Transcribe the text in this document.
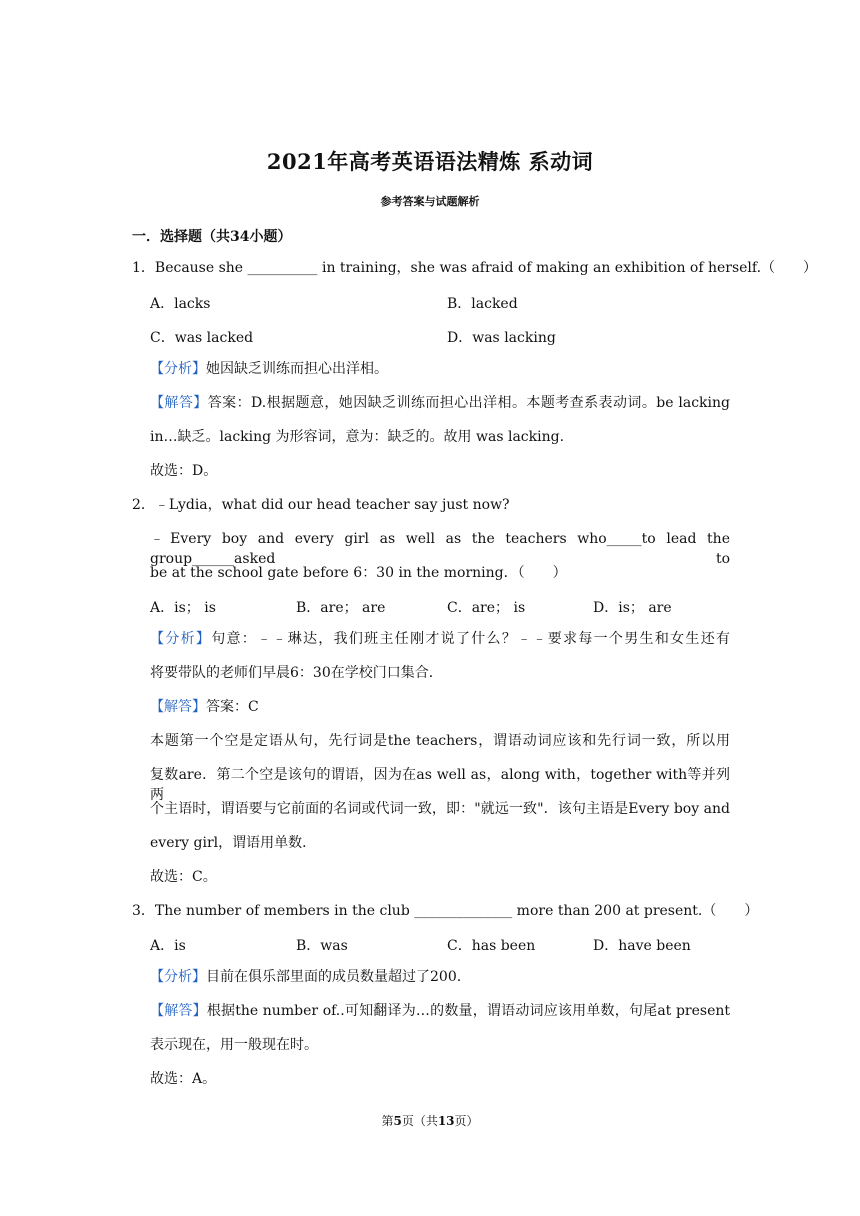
2021年高考英语语法精炼 系动词
参考答案与试题解析
一．选择题（共34小题）
1．Because she __________ in training，she was afraid of making an exhibition of herself.（　　）
A．lacks	B．lacked
C．was lacked	D．was lacking
【分析】她因缺乏训练而担心出洋相。
【解答】答案：D.根据题意，她因缺乏训练而担心出洋相。本题考查系表动词。be lacking
in…缺乏。lacking 为形容词，意为：缺乏的。故用 was lacking.
故选：D。
2．﹣Lydia，what did our head teacher say just now?
﹣Every boy and every girl as well as the teachers who_____to lead the group______asked to
be at the school gate before 6：30 in the morning．（　　）
A．is； is	B．are； are	C．are； is	D．is； are
【分析】句意：﹣﹣琳达，我们班主任刚才说了什么？﹣﹣要求每一个男生和女生还有
将要带队的老师们早晨6：30在学校门口集合．
【解答】答案：C
本题第一个空是定语从句，先行词是the teachers，谓语动词应该和先行词一致，所以用
复数are．第二个空是该句的谓语，因为在as well as，along with，together with等并列两
个主语时，谓语要与它前面的名词或代词一致，即："就远一致"．该句主语是Every boy and
every girl，谓语用单数．
故选：C。
3．The number of members in the club ______________ more than 200 at present.（　　）
A．is	B．was	C．has been	D．have been
【分析】目前在俱乐部里面的成员数量超过了200.
【解答】根据the number of..可知翻译为…的数量，谓语动词应该用单数，句尾at present
表示现在，用一般现在时。
故选：A。
第5页（共13页）
